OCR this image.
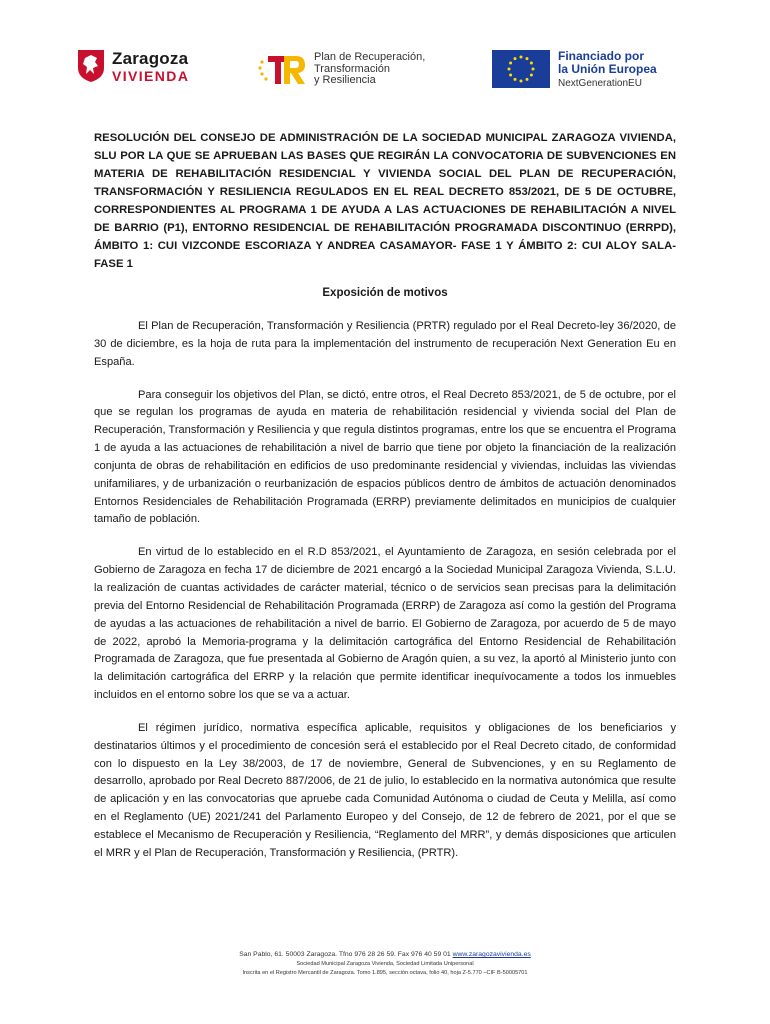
Zaragoza
VIVIENDA
Plan de Recuperación,
Transformación
y Resiliencia
Financiado por
la Unión Europea
NextGenerationEU

RESOLUCIÓN DEL CONSEJO DE ADMINISTRACIÓN DE LA SOCIEDAD MUNICIPAL ZARAGOZA VIVIENDA, SLU POR LA QUE SE APRUEBAN LAS BASES QUE REGIRÁN LA CONVOCATORIA DE SUBVENCIONES EN MATERIA DE REHABILITACIÓN RESIDENCIAL Y VIVIENDA SOCIAL DEL PLAN DE RECUPERACIÓN, TRANSFORMACIÓN Y RESILIENCIA REGULADOS EN EL REAL DECRETO 853/2021, DE 5 DE OCTUBRE, CORRESPONDIENTES AL PROGRAMA 1 DE AYUDA A LAS ACTUACIONES DE REHABILITACIÓN A NIVEL DE BARRIO (P1), ENTORNO RESIDENCIAL DE REHABILITACIÓN PROGRAMADA DISCONTINUO (ERRPD), ÁMBITO 1: CUI VIZCONDE ESCORIAZA Y ANDREA CASAMAYOR- FASE 1 Y ÁMBITO 2: CUI ALOY SALA- FASE 1

Exposición de motivos

El Plan de Recuperación, Transformación y Resiliencia (PRTR) regulado por el Real Decreto-ley 36/2020, de 30 de diciembre, es la hoja de ruta para la implementación del instrumento de recuperación Next Generation Eu en España.

Para conseguir los objetivos del Plan, se dictó, entre otros, el Real Decreto 853/2021, de 5 de octubre, por el que se regulan los programas de ayuda en materia de rehabilitación residencial y vivienda social del Plan de Recuperación, Transformación y Resiliencia y que regula distintos programas, entre los que se encuentra el Programa 1 de ayuda a las actuaciones de rehabilitación a nivel de barrio que tiene por objeto la financiación de la realización conjunta de obras de rehabilitación en edificios de uso predominante residencial y viviendas, incluidas las viviendas unifamiliares, y de urbanización o reurbanización de espacios públicos dentro de ámbitos de actuación denominados Entornos Residenciales de Rehabilitación Programada (ERRP) previamente delimitados en municipios de cualquier tamaño de población.

En virtud de lo establecido en el R.D 853/2021, el Ayuntamiento de Zaragoza, en sesión celebrada por el Gobierno de Zaragoza en fecha 17 de diciembre de 2021 encargó a la Sociedad Municipal Zaragoza Vivienda, S.L.U. la realización de cuantas actividades de carácter material, técnico o de servicios sean precisas para la delimitación previa del Entorno Residencial de Rehabilitación Programada (ERRP) de Zaragoza así como la gestión del Programa de ayudas a las actuaciones de rehabilitación a nivel de barrio. El Gobierno de Zaragoza, por acuerdo de 5 de mayo de 2022, aprobó la Memoria-programa y la delimitación cartográfica del Entorno Residencial de Rehabilitación Programada de Zaragoza, que fue presentada al Gobierno de Aragón quien, a su vez, la aportó al Ministerio junto con la delimitación cartográfica del ERRP y la relación que permite identificar inequívocamente a todos los inmuebles incluidos en el entorno sobre los que se va a actuar.

El régimen jurídico, normativa específica aplicable, requisitos y obligaciones de los beneficiarios y destinatarios últimos y el procedimiento de concesión será el establecido por el Real Decreto citado, de conformidad con lo dispuesto en la Ley 38/2003, de 17 de noviembre, General de Subvenciones, y en su Reglamento de desarrollo, aprobado por Real Decreto 887/2006, de 21 de julio, lo establecido en la normativa autonómica que resulte de aplicación y en las convocatorias que apruebe cada Comunidad Autónoma o ciudad de Ceuta y Melilla, así como en el Reglamento (UE) 2021/241 del Parlamento Europeo y del Consejo, de 12 de febrero de 2021, por el que se establece el Mecanismo de Recuperación y Resiliencia, “Reglamento del MRR”, y demás disposiciones que articulen el MRR y el Plan de Recuperación, Transformación y Resiliencia, (PRTR).

San Pablo, 61. 50003 Zaragoza. Tfno 976 28 26 59. Fax 976 40 59 01 www.zaragozavivienda.es
Sociedad Municipal Zaragoza Vivienda, Sociedad Limitada Unipersonal
Inscrita en el Registro Mercantil de Zaragoza. Tomo 1.895, sección octava, folio 40, hoja Z-5.770 –CIF B-50005701
